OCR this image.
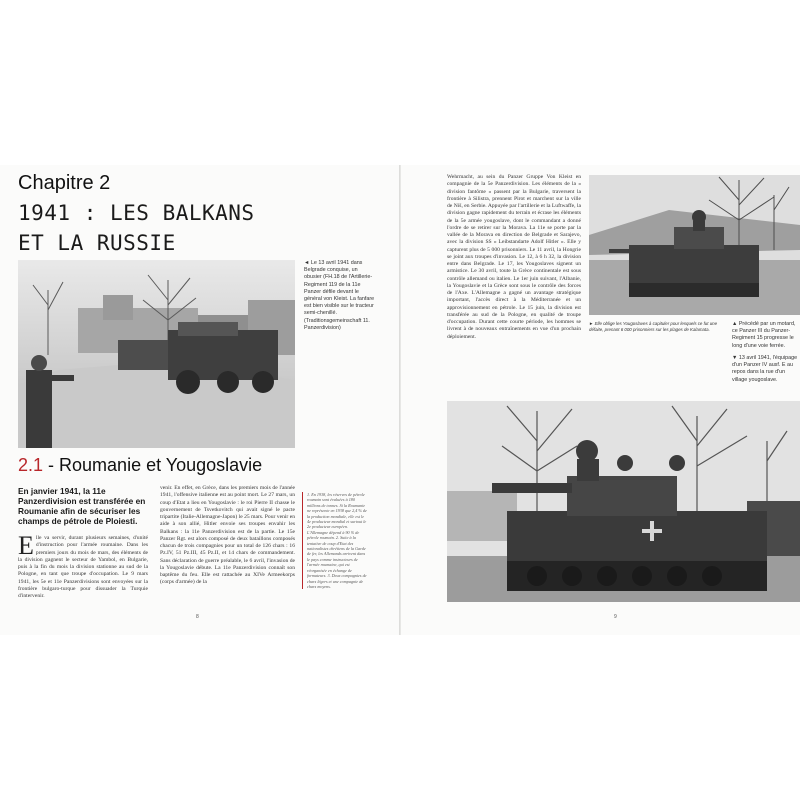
Chapitre 2
1941 : LES BALKANS
ET LA RUSSIE
◄ Le 13 avril 1941 dans Belgrade conquise, un obusier (FH.18 de l'Artillerie-Regiment 119 de la 11e Panzer défile devant le général von Kleist. La fanfare est bien visible sur le tracteur semi-chenillé. (Traditionsgemeinschaft 11. Panzerdivision)
2.1 - Roumanie et Yougoslavie
En janvier 1941, la 11e Panzerdivision est transférée en Roumanie afin de sécuriser les champs de pétrole de Ploiesti.
Elle va servir, durant plusieurs semaines, d'unité d'instruction pour l'armée roumaine. Dans les premiers jours du mois de mars, des éléments de la division gagnent le secteur de Yambol, en Bulgarie, puis à la fin du mois la division stationne au sud de la Pologne, en tant que troupe d'occupation. Le 9 mars 1941, les 5e et 11e Panzerdivisions sont envoyées sur la frontière bulgaro-turque pour dissuader la Turquie d'intervenir.
venir. En effet, en Grèce, dans les premiers mois de l'année 1941, l'offensive italienne est au point mort. Le 27 mars, un coup d'Etat a lieu en Yougoslavie : le roi Pierre II chasse le gouvernement de Tsvetkovitch qui avait signé le pacte tripartite (Italie-Allemagne-Japon) le 25 mars. Pour venir en aide à son allié, Hitler envoie ses troupes envahir les Balkans : la 11e Panzerdivision est de la partie. Le 15e Panzer Rgt. est alors composé de deux bataillons composés chacun de trois compagnies pour un total de 126 chars : 16 Pz.IV, 51 Pz.III, 45 Pz.II, et 14 chars de commandement. Sans déclaration de guerre préalable, le 6 avril, l'invasion de la Yougoslavie débute. La 11e Panzerdivision connaît son baptême du feu. Elle est rattachée au XIVe Armeekorps (corps d'armée) de la
1. En 1938, les réserves de pétrole roumain sont évaluées à 180 millions de tonnes. Si la Roumanie ne représente en 1938 que 2,4 % de la production mondiale, elle est le 4e producteur mondial et surtout le 2e producteur européen. L'Allemagne dépend à 90 % de pétrole roumain. 2. Suite à la tentative de coup d'Etat des nationalistes chrétiens de la Garde de fer, les Allemands arrivent dans le pays comme instructeurs de l'armée roumaine, qui est réorganisée en échange de formateurs. 3. Deux compagnies de chars légers et une compagnie de chars moyens.
8
Wehrmacht, au sein du Panzer Gruppe Von Kleist en compagnie de la 5e Panzerdivision. Les éléments de la « division fantôme » passent par la Bulgarie, traversent la frontière à Silistra, prennent Pirot et marchent sur la ville de Niš, en Serbie. Appuyée par l'artillerie et la Luftwaffe, la division gagne rapidement du terrain et écrase les éléments de la 5e armée yougoslave, dont le commandant a donné l'ordre de se retirer sur la Morava. La 11e se porte par la vallée de la Morava en direction de Belgrade et Sarajevo, avec la division SS « Leibstandarte Adolf Hitler ». Elle y capturent plus de 5 000 prisonniers. Le 11 avril, la Hongrie se joint aux troupes d'invasion. Le 12, à 6 h 32, la division entre dans Belgrade. Le 17, les Yougoslaves signent un armistice. Le 30 avril, toute la Grèce continentale est sous contrôle allemand ou italien. Le 1er juin suivant, l'Albanie, la Yougoslavie et la Grèce sont sous le contrôle des forces de l'Axe. L'Allemagne a gagné un avantage stratégique important, l'accès direct à la Méditerranée et un approvisionnement en pétrole. Le 15 juin, la division est transférée au sud de la Pologne, en qualité de troupe d'occupation. Durant cette courte période, les hommes se livrent à de nouveaux entraînements en vue d'un prochain déploiement.
► Elle oblige les Yougoslaves à capituler pour lesquels ce fut une défaite, prenant 6 000 prisonniers sur les plages de Kalamata.
▲ Précédé par un motard, ce Panzer III du Panzer-Regiment 15 progresse le long d'une voie ferrée.
▼ 13 avril 1941, l'équipage d'un Panzer IV ausf. E au repos dans la rue d'un village yougoslave.
9
